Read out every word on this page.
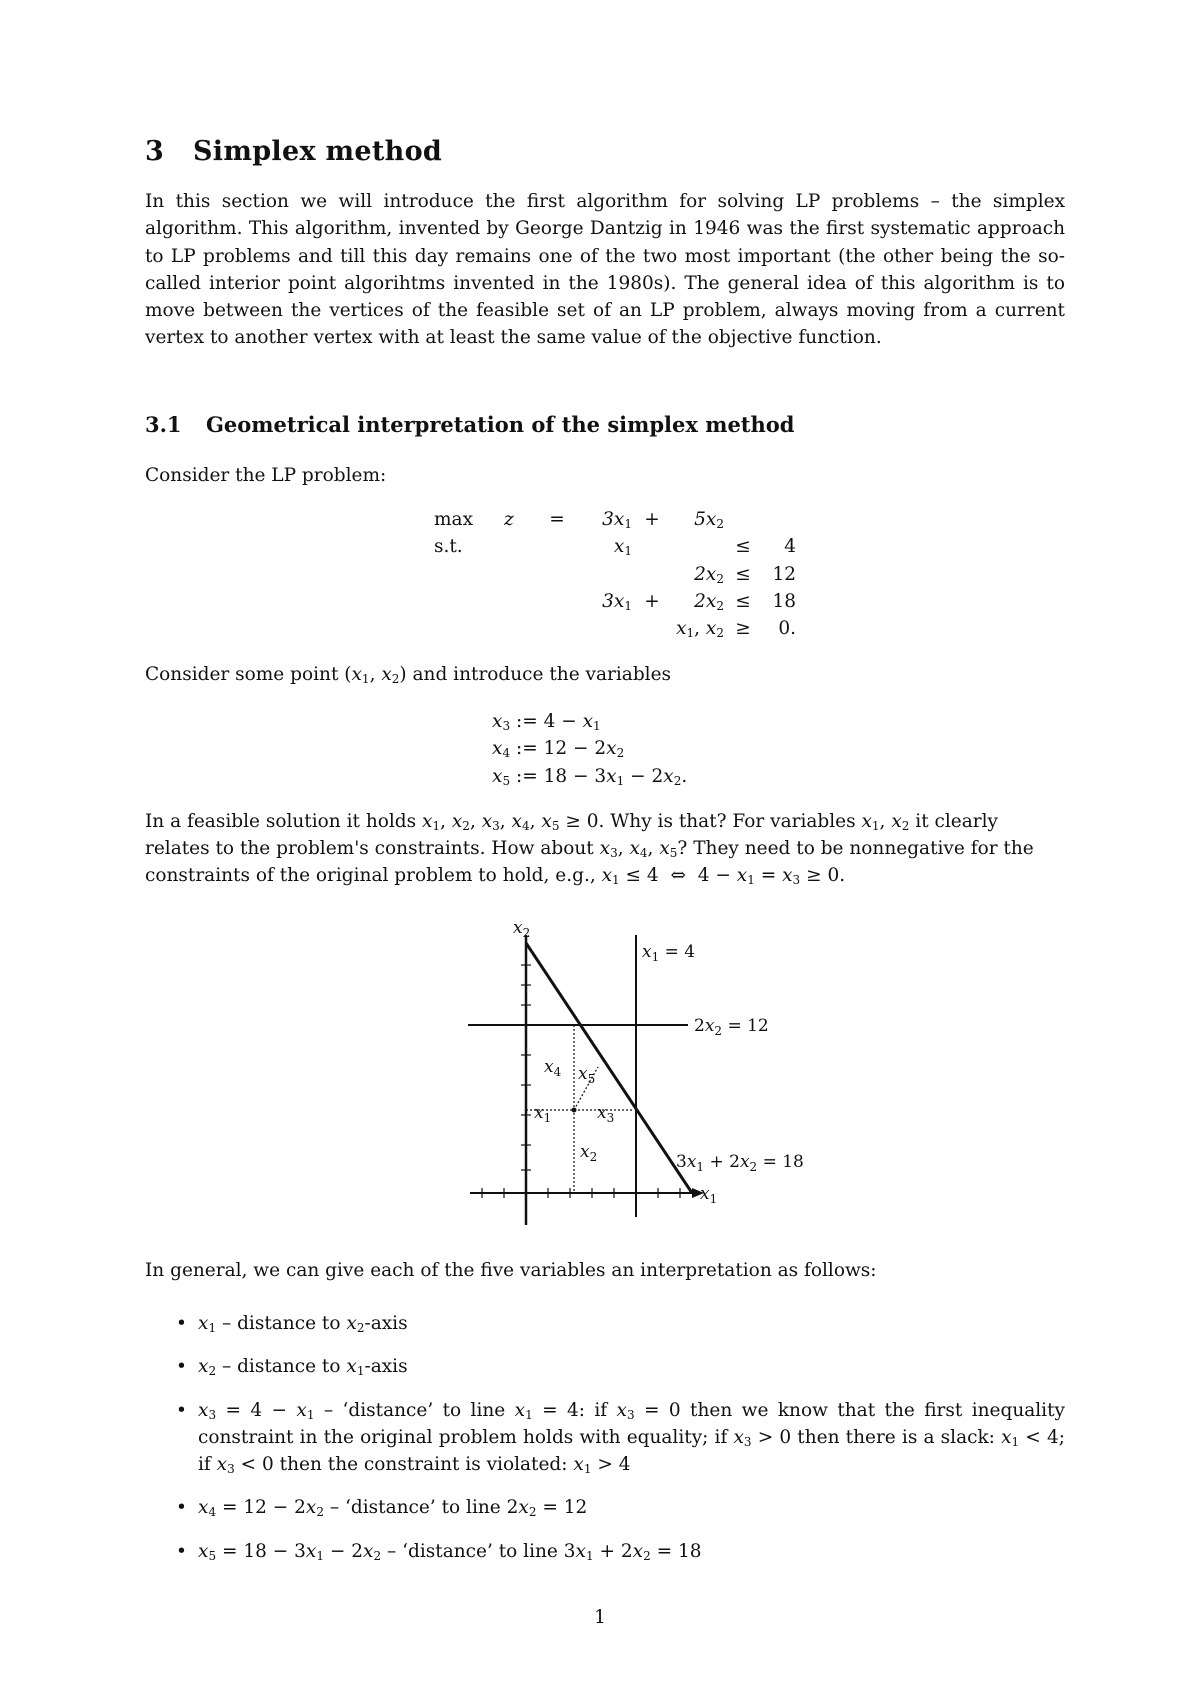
3 Simplex method

In this section we will introduce the first algorithm for solving LP problems – the simplex algorithm. This algorithm, invented by George Dantzig in 1946 was the first systematic approach to LP problems and till this day remains one of the two most important (the other being the so-called interior point algorihtms invented in the 1980s). The general idea of this algorithm is to move between the vertices of the feasible set of an LP problem, always moving from a current vertex to another vertex with at least the same value of the objective function.

3.1 Geometrical interpretation of the simplex method

Consider the LP problem:

max	z	=	$3x_1$	+	$5x_2$		
s.t.			$x_1$			≤	4
					$2x_2$	≤	12
			$3x_1$	+	$2x_2$	≤	18
				$x_1$, $x_2$		≥	0.

Consider some point ($x_1$, $x_2$) and introduce the variables

$x_3$ := $4 - x_1$
$x_4$ := $12 - 2x_2$
$x_5$ := $18 - 3x_1 - 2x_2$.

In a feasible solution it holds $x_1$, $x_2$, $x_3$, $x_4$, $x_5 \ge 0$. Why is that? For variables $x_1$, $x_2$ it clearly

relates to the problem's constraints. How about $x_3$, $x_4$, $x_5$? They need to be nonnegative for the

constraints of the original problem to hold, e.g., $x_1 \le 4$  ⇔  $4 - x_1 = x_3 \ge 0$.

$x_2$
$x_1$
$x_1 = 4$
$2x_2 = 12$
$3x_1 + 2x_2 = 18$
$x_4$ $x_5$
$x_1$	$x_3$
$x_2$

In general, we can give each of the five variables an interpretation as follows:

• $x_1$ – distance to $x_2$-axis
• $x_2$ – distance to $x_1$-axis
• $x_3 = 4 - x_1$ – ‘distance’ to line $x_1 = 4$: if $x_3 = 0$ then we know that the first inequality constraint in the original problem holds with equality; if $x_3 > 0$ then there is a slack: $x_1 < 4$; if $x_3 < 0$ then the constraint is violated: $x_1 > 4$
• $x_4 = 12 - 2x_2$ – ‘distance’ to line $2x_2 = 12$
• $x_5 = 18 - 3x_1 - 2x_2$ – ‘distance’ to line $3x_1 + 2x_2 = 18$
1
